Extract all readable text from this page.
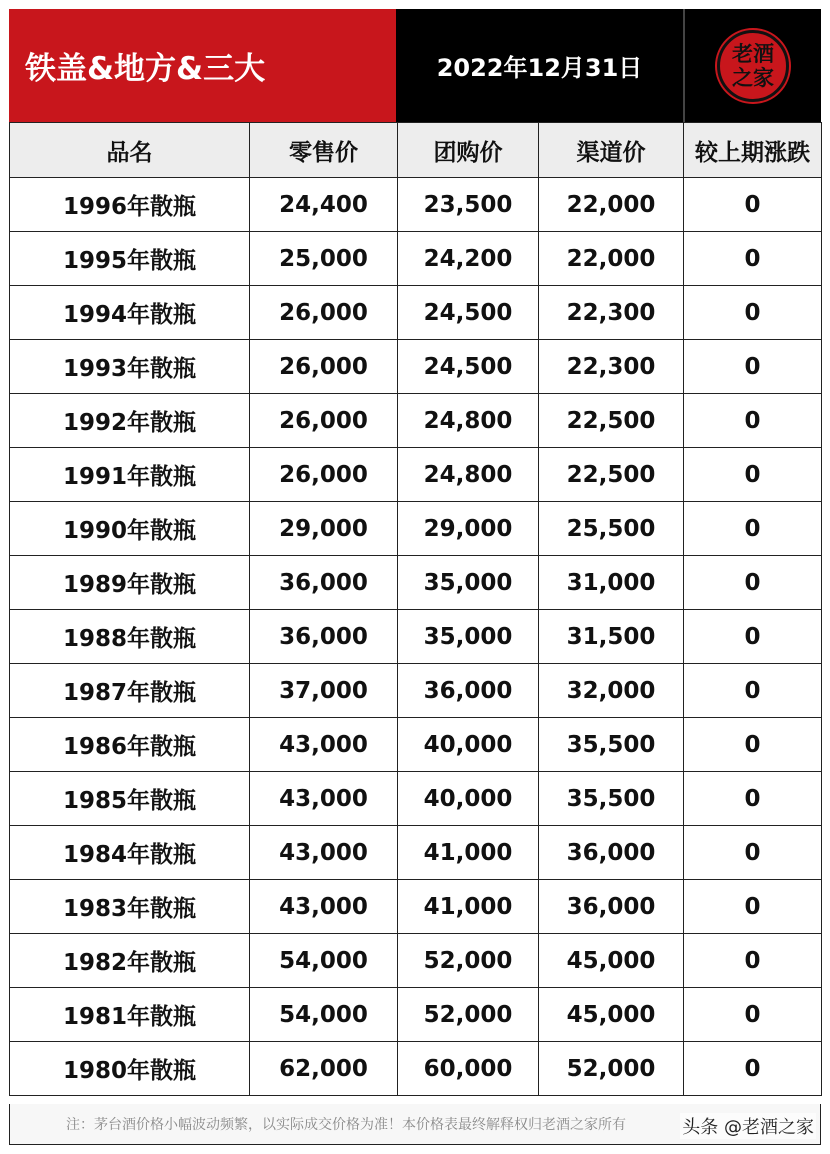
铁盖&地方&三大	2022年12月31日
老酒
之家
品名	零售价	团购价	渠道价	较上期涨跌
1996年散瓶	24,400	23,500	22,000	0
1995年散瓶	25,000	24,200	22,000	0
1994年散瓶	26,000	24,500	22,300	0
1993年散瓶	26,000	24,500	22,300	0
1992年散瓶	26,000	24,800	22,500	0
1991年散瓶	26,000	24,800	22,500	0
1990年散瓶	29,000	29,000	25,500	0
1989年散瓶	36,000	35,000	31,000	0
1988年散瓶	36,000	35,000	31,500	0
1987年散瓶	37,000	36,000	32,000	0
1986年散瓶	43,000	40,000	35,500	0
1985年散瓶	43,000	40,000	35,500	0
1984年散瓶	43,000	41,000	36,000	0
1983年散瓶	43,000	41,000	36,000	0
1982年散瓶	54,000	52,000	45,000	0
1981年散瓶	54,000	52,000	45,000	0
1980年散瓶	62,000	60,000	52,000	0
注：茅台酒价格小幅波动频繁，以实际成交价格为准！本价格表最终解释权归老酒之家所有	头条 @老酒之家
